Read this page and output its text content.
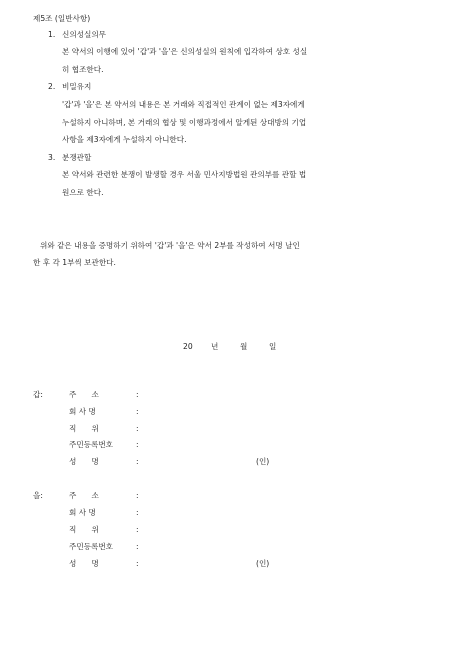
제5조 (일반사항)
1. 신의성실의무
본 약서의 이행에 있어 '갑'과 '을'은 신의성실의 원칙에 입각하여 상호 성실
히 협조한다.
2. 비밀유지
'갑'과 '을'은 본 약서의 내용은 본 거래와 직접적인 관계이 없는 제3자에게
누설하지 아니하며, 본 거래의 협상 및 이행과정에서 알게된 상대방의 기업
사항을 제3자에게 누설하지 아니한다.
3. 분쟁관할
본 약서와 관련한 분쟁이 발생할 경우 서울 민사지방법원 관의부를 관할 법
원으로 한다.
위와 같은 내용을 증명하기 위하여 '갑'과 '을'은 약서 2부를 작성하여 서명 날인
한 후 각 1부씩 보관한다.
20 년	월	일
갑:	주　　소	:
회 사 명	:
직　　위	:
주민등록번호	:
성　　명	:	(인)
을:	주　　소	:
회 사 명	:
직　　위	:
주민등록번호	:
성　　명	:	(인)
